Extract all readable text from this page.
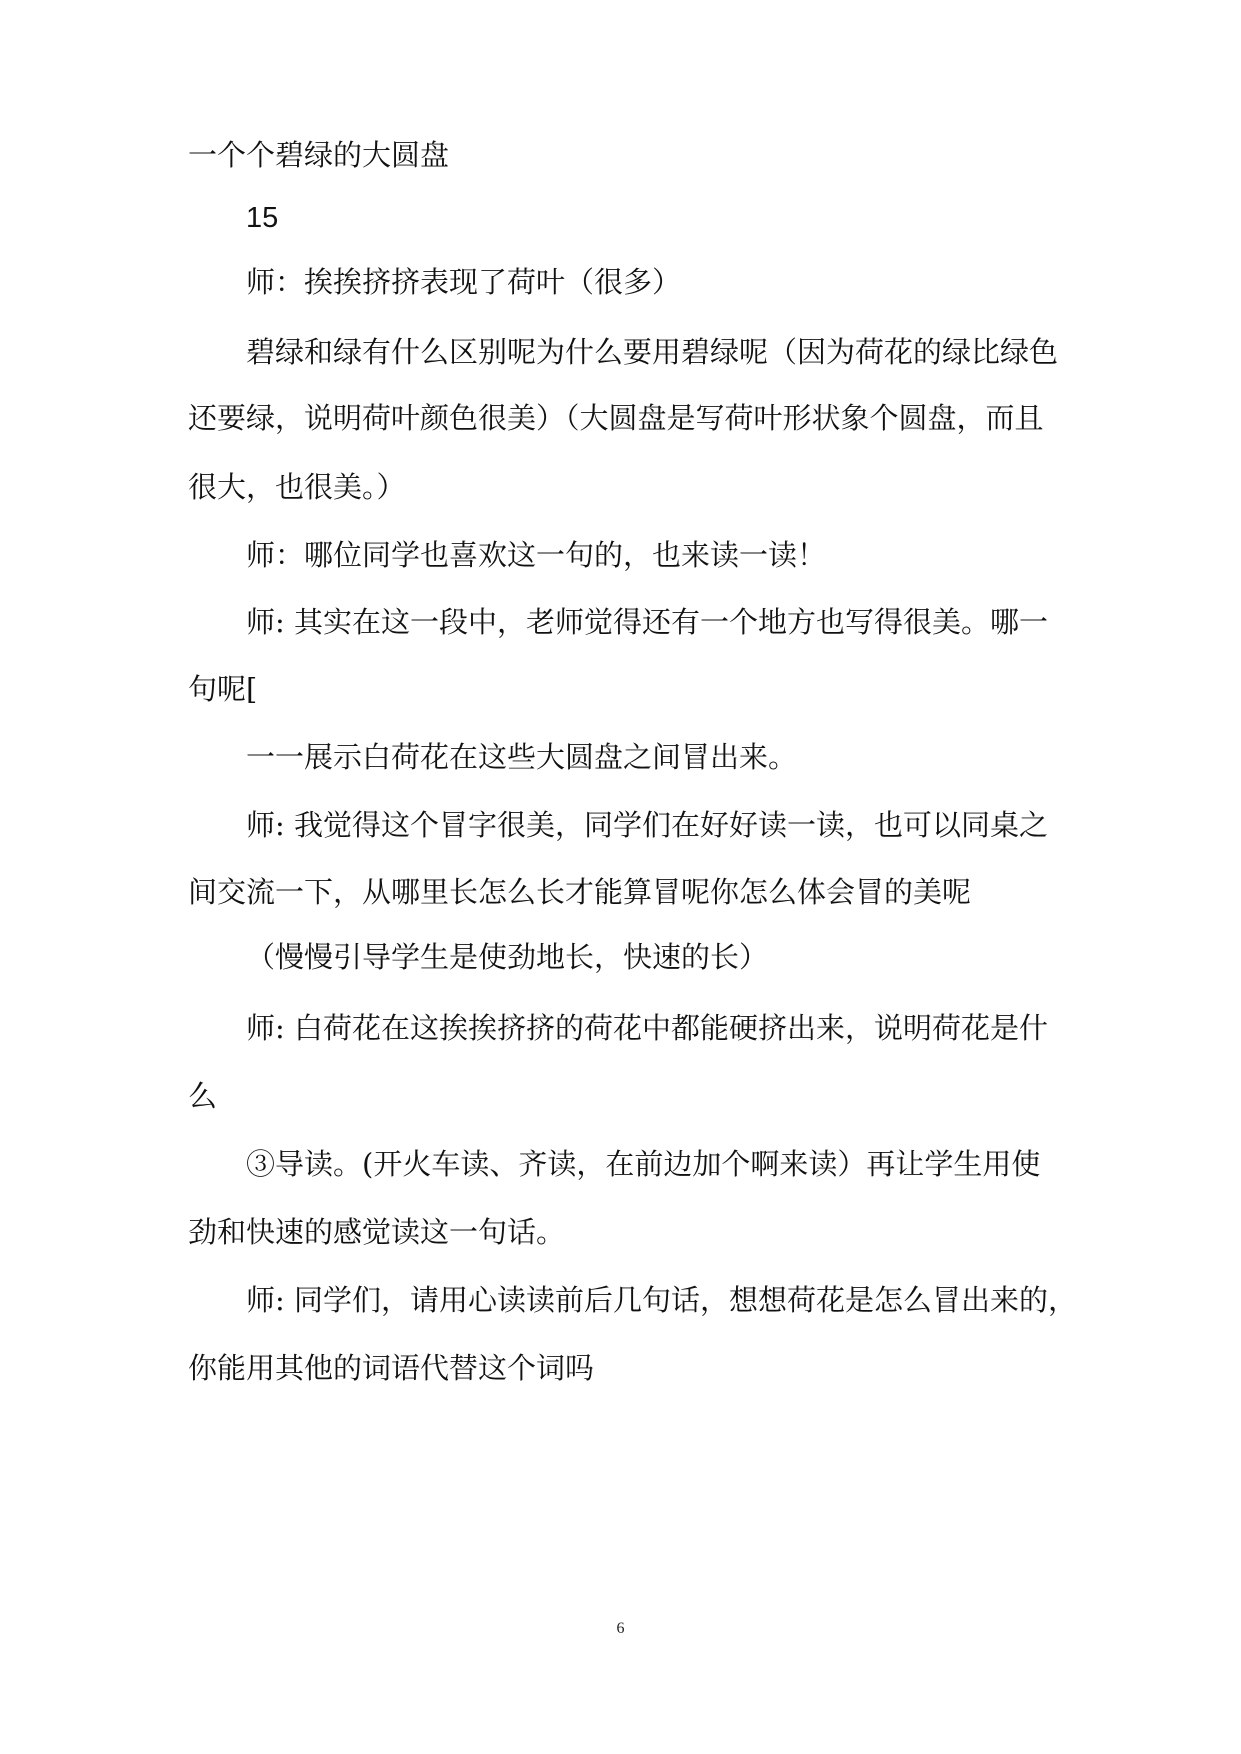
一个个碧绿的大圆盘

15

师：挨挨挤挤表现了荷叶（很多）

碧绿和绿有什么区别呢为什么要用碧绿呢（因为荷花的绿比绿色

还要绿，说明荷叶颜色很美）（大圆盘是写荷叶形状象个圆盘，而且

很大，也很美。）

师：哪位同学也喜欢这一句的，也来读一读！

师: 其实在这一段中，老师觉得还有一个地方也写得很美。哪一

句呢[

一一展示白荷花在这些大圆盘之间冒出来。

师: 我觉得这个冒字很美，同学们在好好读一读，也可以同桌之

间交流一下，从哪里长怎么长才能算冒呢你怎么体会冒的美呢

（慢慢引导学生是使劲地长，快速的长）

师: 白荷花在这挨挨挤挤的荷花中都能硬挤出来，说明荷花是什

么

③导读。(开火车读、齐读，在前边加个啊来读）再让学生用使

劲和快速的感觉读这一句话。

师: 同学们，请用心读读前后几句话，想想荷花是怎么冒出来的，

你能用其他的词语代替这个词吗

6
